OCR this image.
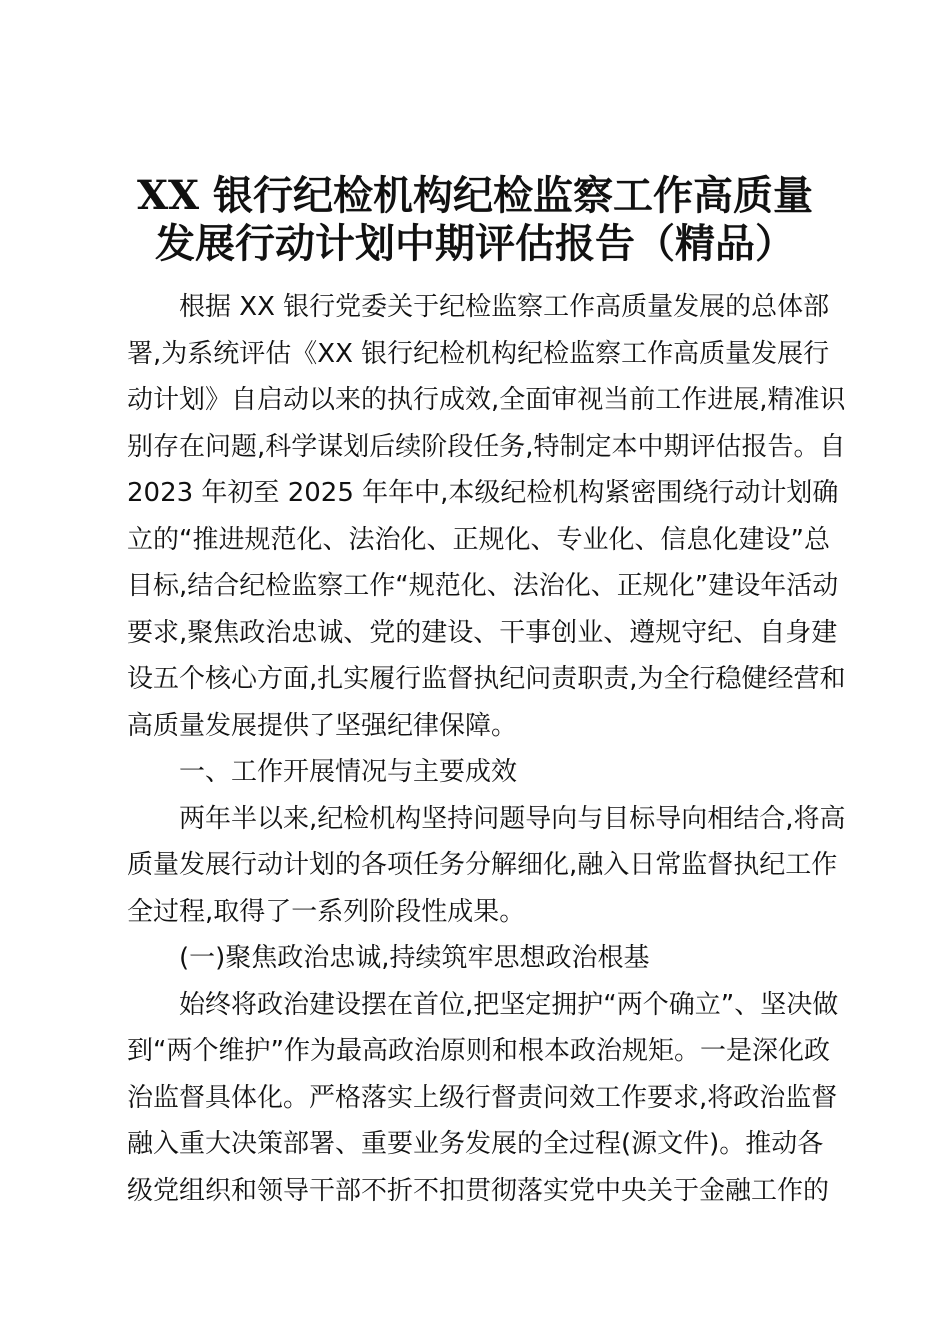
XX 银行纪检机构纪检监察工作高质量
发展行动计划中期评估报告（精品）

根据 XX 银行党委关于纪检监察工作高质量发展的总体部
署,为系统评估《XX 银行纪检机构纪检监察工作高质量发展行
动计划》自启动以来的执行成效,全面审视当前工作进展,精准识
别存在问题,科学谋划后续阶段任务,特制定本中期评估报告。自
2023 年初至 2025 年年中,本级纪检机构紧密围绕行动计划确
立的“推进规范化、法治化、正规化、专业化、信息化建设”总
目标,结合纪检监察工作“规范化、法治化、正规化”建设年活动
要求,聚焦政治忠诚、党的建设、干事创业、遵规守纪、自身建
设五个核心方面,扎实履行监督执纪问责职责,为全行稳健经营和
高质量发展提供了坚强纪律保障。

一、工作开展情况与主要成效

两年半以来,纪检机构坚持问题导向与目标导向相结合,将高
质量发展行动计划的各项任务分解细化,融入日常监督执纪工作
全过程,取得了一系列阶段性成果。

(一)聚焦政治忠诚,持续筑牢思想政治根基

始终将政治建设摆在首位,把坚定拥护“两个确立”、坚决做
到“两个维护”作为最高政治原则和根本政治规矩。一是深化政
治监督具体化。严格落实上级行督责问效工作要求,将政治监督
融入重大决策部署、重要业务发展的全过程(源文件)。推动各
级党组织和领导干部不折不扣贯彻落实党中央关于金融工作的
